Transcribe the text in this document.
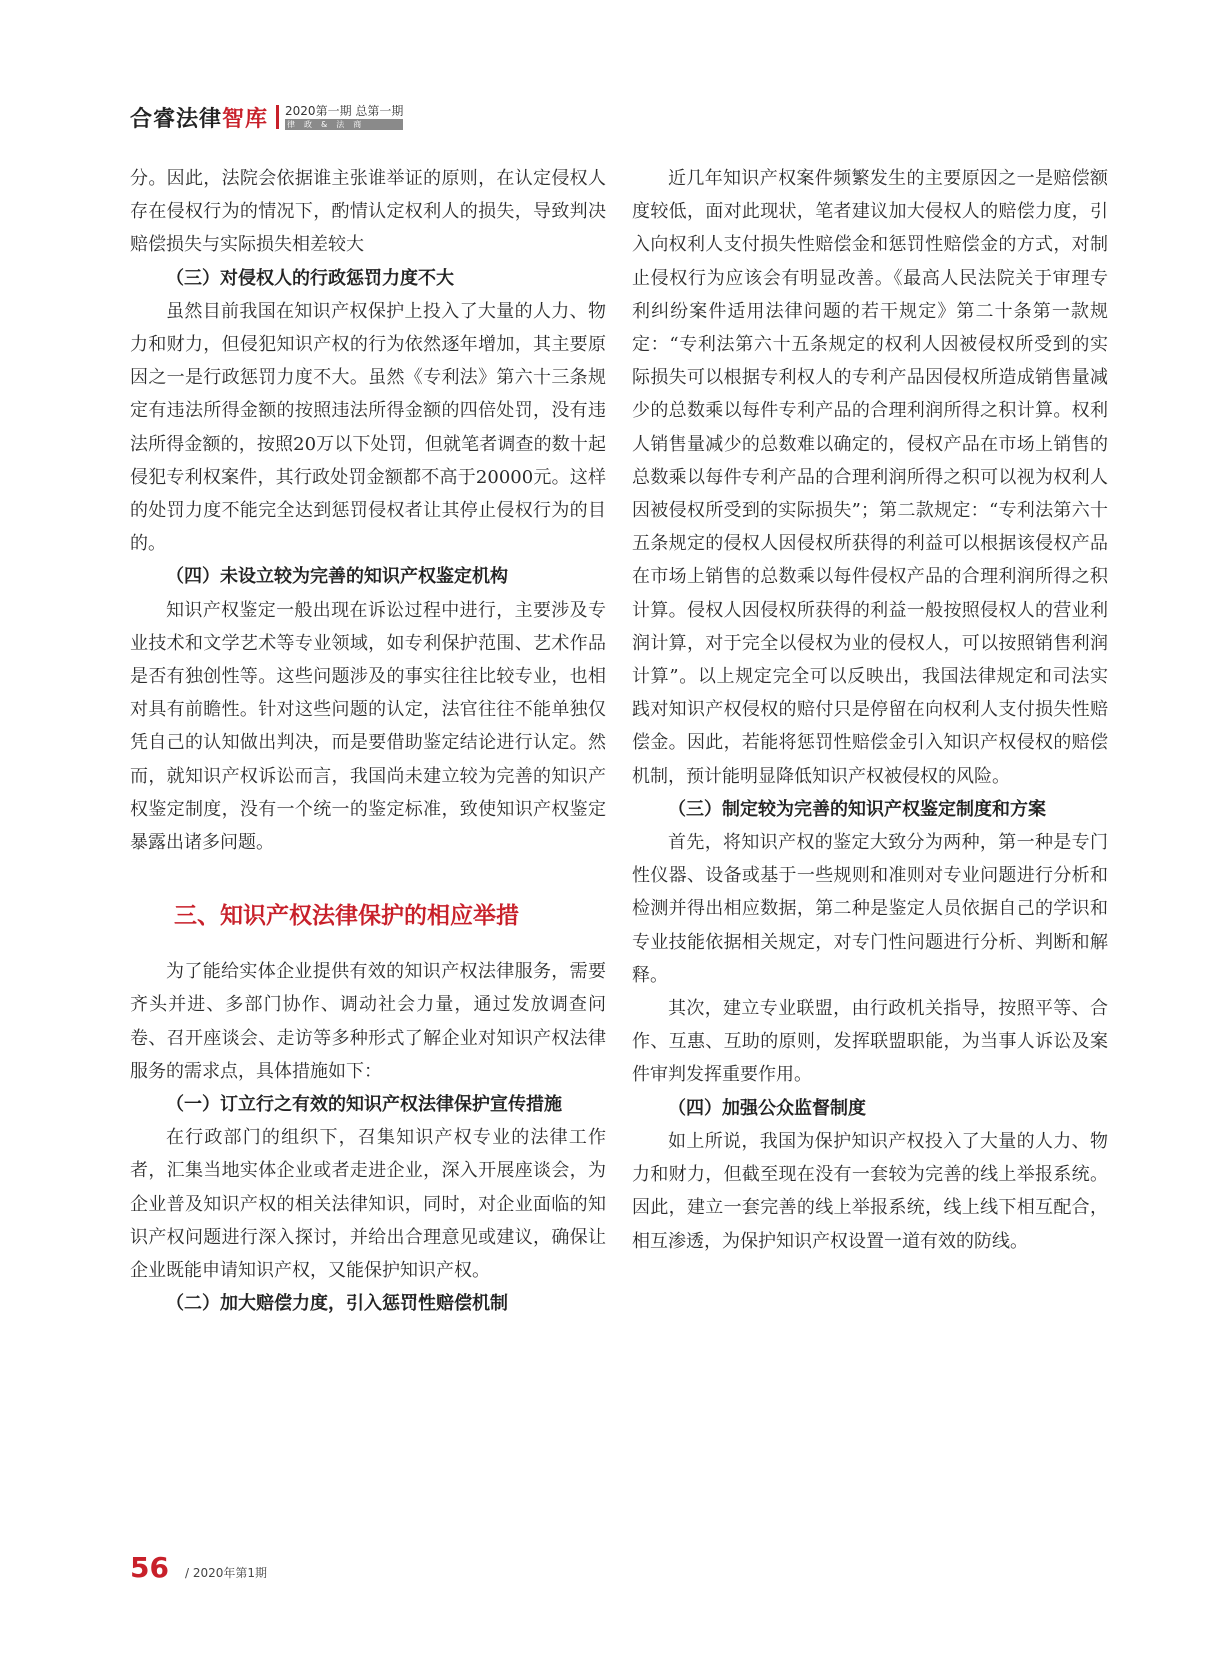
合睿法律智库 2020第一期 总第一期
律政&法商

分。因此，法院会依据谁主张谁举证的原则，在认定侵权人存在侵权行为的情况下，酌情认定权利人的损失，导致判决赔偿损失与实际损失相差较大

（三）对侵权人的行政惩罚力度不大

虽然目前我国在知识产权保护上投入了大量的人力、物力和财力，但侵犯知识产权的行为依然逐年增加，其主要原因之一是行政惩罚力度不大。虽然《专利法》第六十三条规定有违法所得金额的按照违法所得金额的四倍处罚，没有违法所得金额的，按照20万以下处罚，但就笔者调查的数十起侵犯专利权案件，其行政处罚金额都不高于20000元。这样的处罚力度不能完全达到惩罚侵权者让其停止侵权行为的目的。

（四）未设立较为完善的知识产权鉴定机构

知识产权鉴定一般出现在诉讼过程中进行，主要涉及专业技术和文学艺术等专业领域，如专利保护范围、艺术作品是否有独创性等。这些问题涉及的事实往往比较专业，也相对具有前瞻性。针对这些问题的认定，法官往往不能单独仅凭自己的认知做出判决，而是要借助鉴定结论进行认定。然而，就知识产权诉讼而言，我国尚未建立较为完善的知识产权鉴定制度，没有一个统一的鉴定标准，致使知识产权鉴定暴露出诸多问题。

三、知识产权法律保护的相应举措

为了能给实体企业提供有效的知识产权法律服务，需要齐头并进、多部门协作、调动社会力量，通过发放调查问卷、召开座谈会、走访等多种形式了解企业对知识产权法律服务的需求点，具体措施如下：

（一）订立行之有效的知识产权法律保护宣传措施

在行政部门的组织下，召集知识产权专业的法律工作者，汇集当地实体企业或者走进企业，深入开展座谈会，为企业普及知识产权的相关法律知识，同时，对企业面临的知识产权问题进行深入探讨，并给出合理意见或建议，确保让企业既能申请知识产权，又能保护知识产权。

（二）加大赔偿力度，引入惩罚性赔偿机制

近几年知识产权案件频繁发生的主要原因之一是赔偿额度较低，面对此现状，笔者建议加大侵权人的赔偿力度，引入向权利人支付损失性赔偿金和惩罚性赔偿金的方式，对制止侵权行为应该会有明显改善。《最高人民法院关于审理专利纠纷案件适用法律问题的若干规定》第二十条第一款规定：“专利法第六十五条规定的权利人因被侵权所受到的实际损失可以根据专利权人的专利产品因侵权所造成销售量减少的总数乘以每件专利产品的合理利润所得之积计算。权利人销售量减少的总数难以确定的，侵权产品在市场上销售的总数乘以每件专利产品的合理利润所得之积可以视为权利人因被侵权所受到的实际损失”；第二款规定：“专利法第六十五条规定的侵权人因侵权所获得的利益可以根据该侵权产品在市场上销售的总数乘以每件侵权产品的合理利润所得之积计算。侵权人因侵权所获得的利益一般按照侵权人的营业利润计算，对于完全以侵权为业的侵权人，可以按照销售利润计算”。以上规定完全可以反映出，我国法律规定和司法实践对知识产权侵权的赔付只是停留在向权利人支付损失性赔偿金。因此，若能将惩罚性赔偿金引入知识产权侵权的赔偿机制，预计能明显降低知识产权被侵权的风险。

（三）制定较为完善的知识产权鉴定制度和方案

首先，将知识产权的鉴定大致分为两种，第一种是专门性仪器、设备或基于一些规则和准则对专业问题进行分析和检测并得出相应数据，第二种是鉴定人员依据自己的学识和专业技能依据相关规定，对专门性问题进行分析、判断和解释。

其次，建立专业联盟，由行政机关指导，按照平等、合作、互惠、互助的原则，发挥联盟职能，为当事人诉讼及案件审判发挥重要作用。

（四）加强公众监督制度

如上所说，我国为保护知识产权投入了大量的人力、物力和财力，但截至现在没有一套较为完善的线上举报系统。因此，建立一套完善的线上举报系统，线上线下相互配合，相互渗透，为保护知识产权设置一道有效的防线。

56 / 2020年第1期
